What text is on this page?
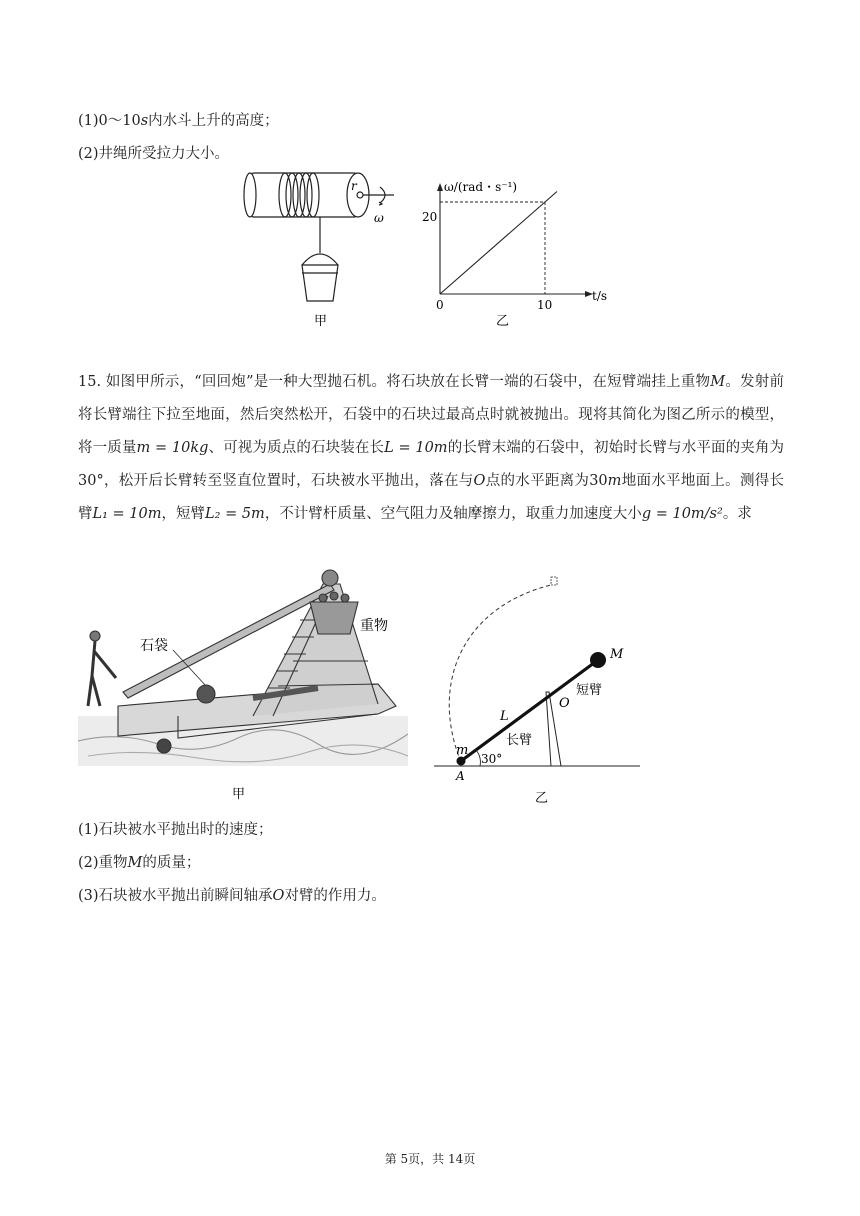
(1)0～10s内水斗上升的高度；
(2)井绳所受拉力大小。
r
ω
甲
ω/(rad・s⁻¹)
t/s
20
10
0
乙
15. 如图甲所示，“回回炮”是一种大型抛石机。将石块放在长臂一端的石袋中，在短臂端挂上重物M。发射前将长臂端往下拉至地面，然后突然松开，石袋中的石块过最高点时就被抛出。现将其简化为图乙所示的模型，将一质量m = 10kg、可视为质点的石块装在长L = 10m的长臂末端的石袋中，初始时长臂与水平面的夹角为30°，松开后长臂转至竖直位置时，石块被水平抛出，落在与O点的水平距离为30m地面水平地面上。测得长臂L₁ = 10m，短臂L₂ = 5m，不计臂杆质量、空气阻力及轴摩擦力，取重力加速度大小g = 10m/s²。求
石袋
重物
甲
M
短臂
O
L
长臂
m
A
30°
乙
(1)石块被水平抛出时的速度；
(2)重物M的质量；
(3)石块被水平抛出前瞬间轴承O对臂的作用力。
第 5页，共 14页
